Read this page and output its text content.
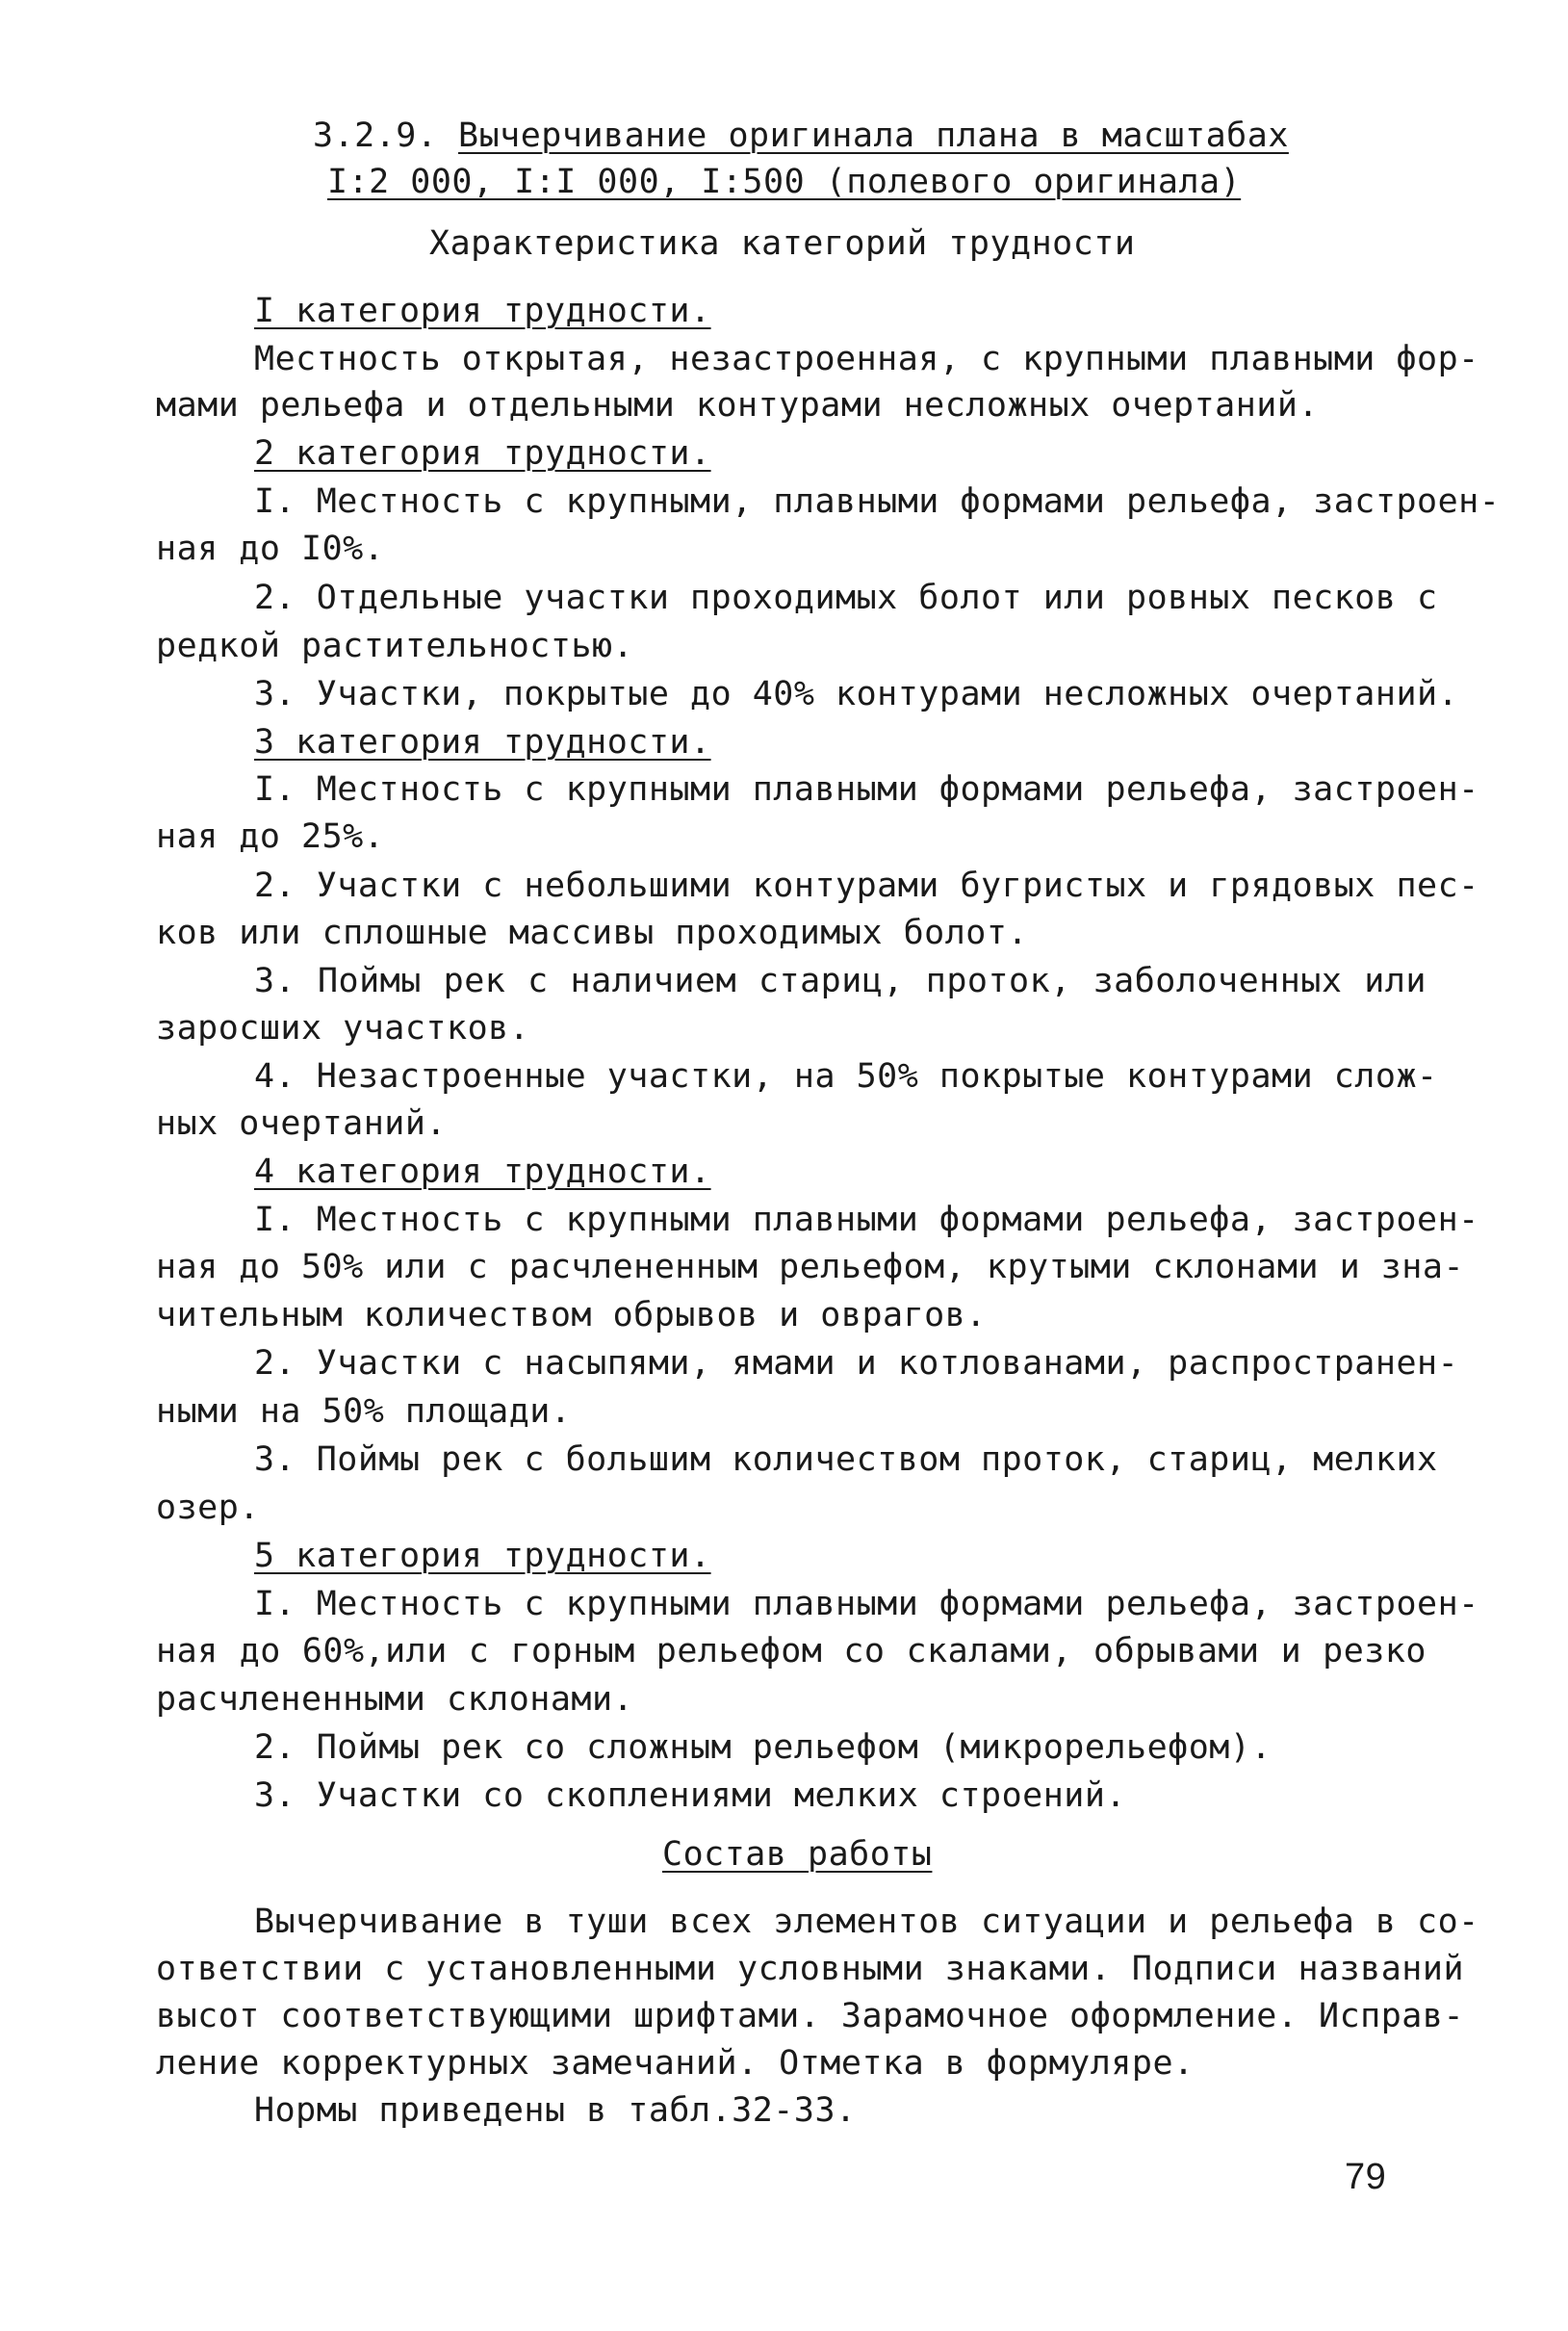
3.2.9. Вычерчивание оригинала плана в масштабах

I:2 000, I:I 000, I:500 (полевого оригинала)

Характеристика категорий трудности

I категория трудности.

Местность открытая, незастроенная, с крупными плавными фор-

мами рельефа и отдельными контурами несложных очертаний.

2 категория трудности.

I. Местность с крупными, плавными формами рельефа, застроен-

ная до I0%.

2. Отдельные участки проходимых болот или ровных песков с

редкой растительностью.

3. Участки, покрытые до 40% контурами несложных очертаний.

3 категория трудности.

I. Местность с крупными плавными формами рельефа, застроен-

ная до 25%.

2. Участки с небольшими контурами бугристых и грядовых пес-

ков или сплошные массивы проходимых болот.

3. Поймы рек с наличием стариц, проток, заболоченных или

заросших участков.

4. Незастроенные участки, на 50% покрытые контурами слож-

ных очертаний.

4 категория трудности.

I. Местность с крупными плавными формами рельефа, застроен-

ная до 50% или с расчлененным рельефом, крутыми склонами и зна-

чительным количеством обрывов и оврагов.

2. Участки с насыпями, ямами и котлованами, распространен-

ными на 50% площади.

3. Поймы рек с большим количеством проток, стариц, мелких

озер.

5 категория трудности.

I. Местность с крупными плавными формами рельефа, застроен-

ная до 60%,или с горным рельефом со скалами, обрывами и резко

расчлененными склонами.

2. Поймы рек со сложным рельефом (микрорельефом).

3. Участки со скоплениями мелких строений.

Состав работы

Вычерчивание в туши всех элементов ситуации и рельефа в со-

ответствии с установленными условными знаками. Подписи названий

высот соответствующими шрифтами. Зарамочное оформление. Исправ-

ление корректурных замечаний. Отметка в формуляре.

Нормы приведены в табл.32-33.

79
